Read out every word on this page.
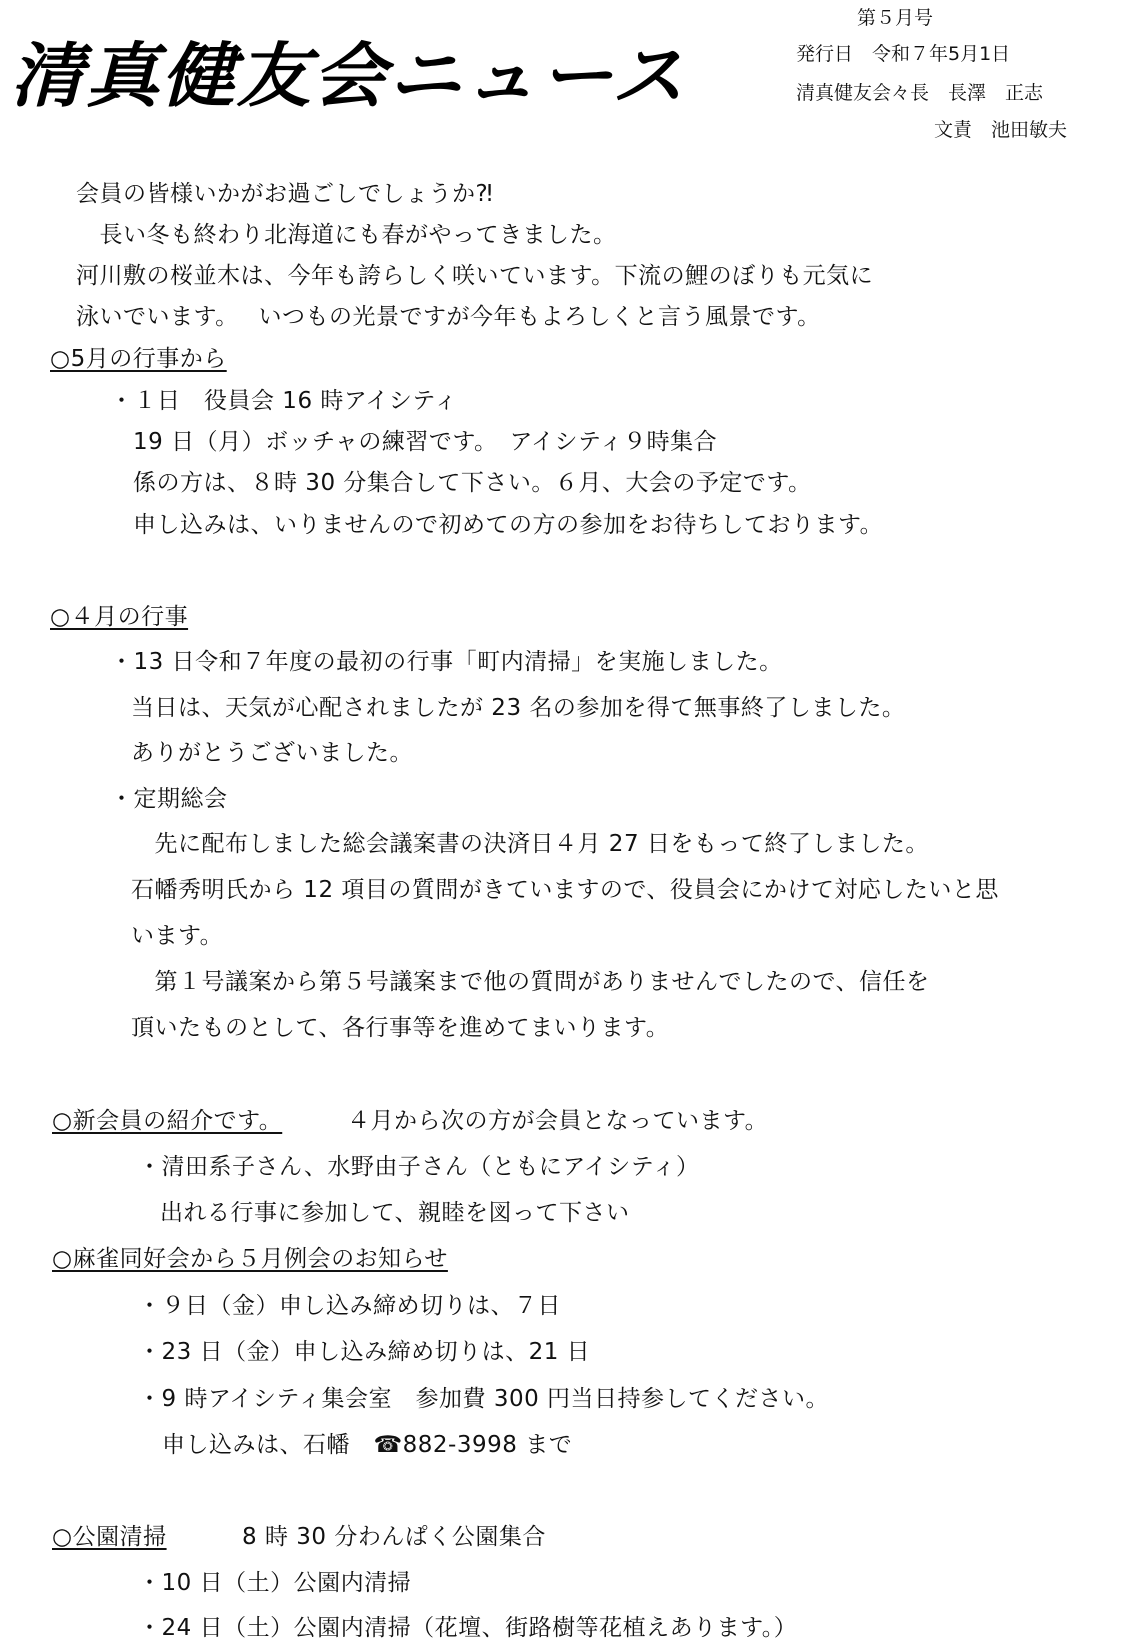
清真健友会ニュース
第５月号
発行日　令和７年5月1日
清真健友会々長　長澤　正志
文責　池田敏夫
会員の皆様いかがお過ごしでしょうか⁈
　長い冬も終わり北海道にも春がやってきました。
河川敷の桜並木は、今年も誇らしく咲いています。下流の鯉のぼりも元気に
泳いでいます。　 いつもの光景ですが今年もよろしくと言う風景です。
○5月の行事から
・１日　役員会 16 時アイシティ
19 日（月）ボッチャの練習です。　アイシティ９時集合
係の方は、８時 30 分集合して下さい。６月、大会の予定です。
申し込みは、いりませんので初めての方の参加をお待ちしております。
○４月の行事
・13 日令和７年度の最初の行事「町内清掃」を実施しました。
当日は、天気が心配されましたが 23 名の参加を得て無事終了しました。
ありがとうございました。
・定期総会
　先に配布しました総会議案書の決済日４月 27 日をもって終了しました。
石幡秀明氏から 12 項目の質問がきていますので、役員会にかけて対応したいと思
います。
　第１号議案から第５号議案まで他の質問がありませんでしたので、信任を
頂いたものとして、各行事等を進めてまいります。
○新会員の紹介です。	４月から次の方が会員となっています。
・清田系子さん、水野由子さん（ともにアイシティ）
出れる行事に参加して、親睦を図って下さい
○麻雀同好会から５月例会のお知らせ
・９日（金）申し込み締め切りは、７日
・23 日（金）申し込み締め切りは、21 日
・9 時アイシティ集会室　参加費 300 円当日持参してください。
申し込みは、石幡　☎882-3998 まで
○公園清掃	8 時 30 分わんぱく公園集合
・10 日（土）公園内清掃
・24 日（土）公園内清掃（花壇、街路樹等花植えあります。）
